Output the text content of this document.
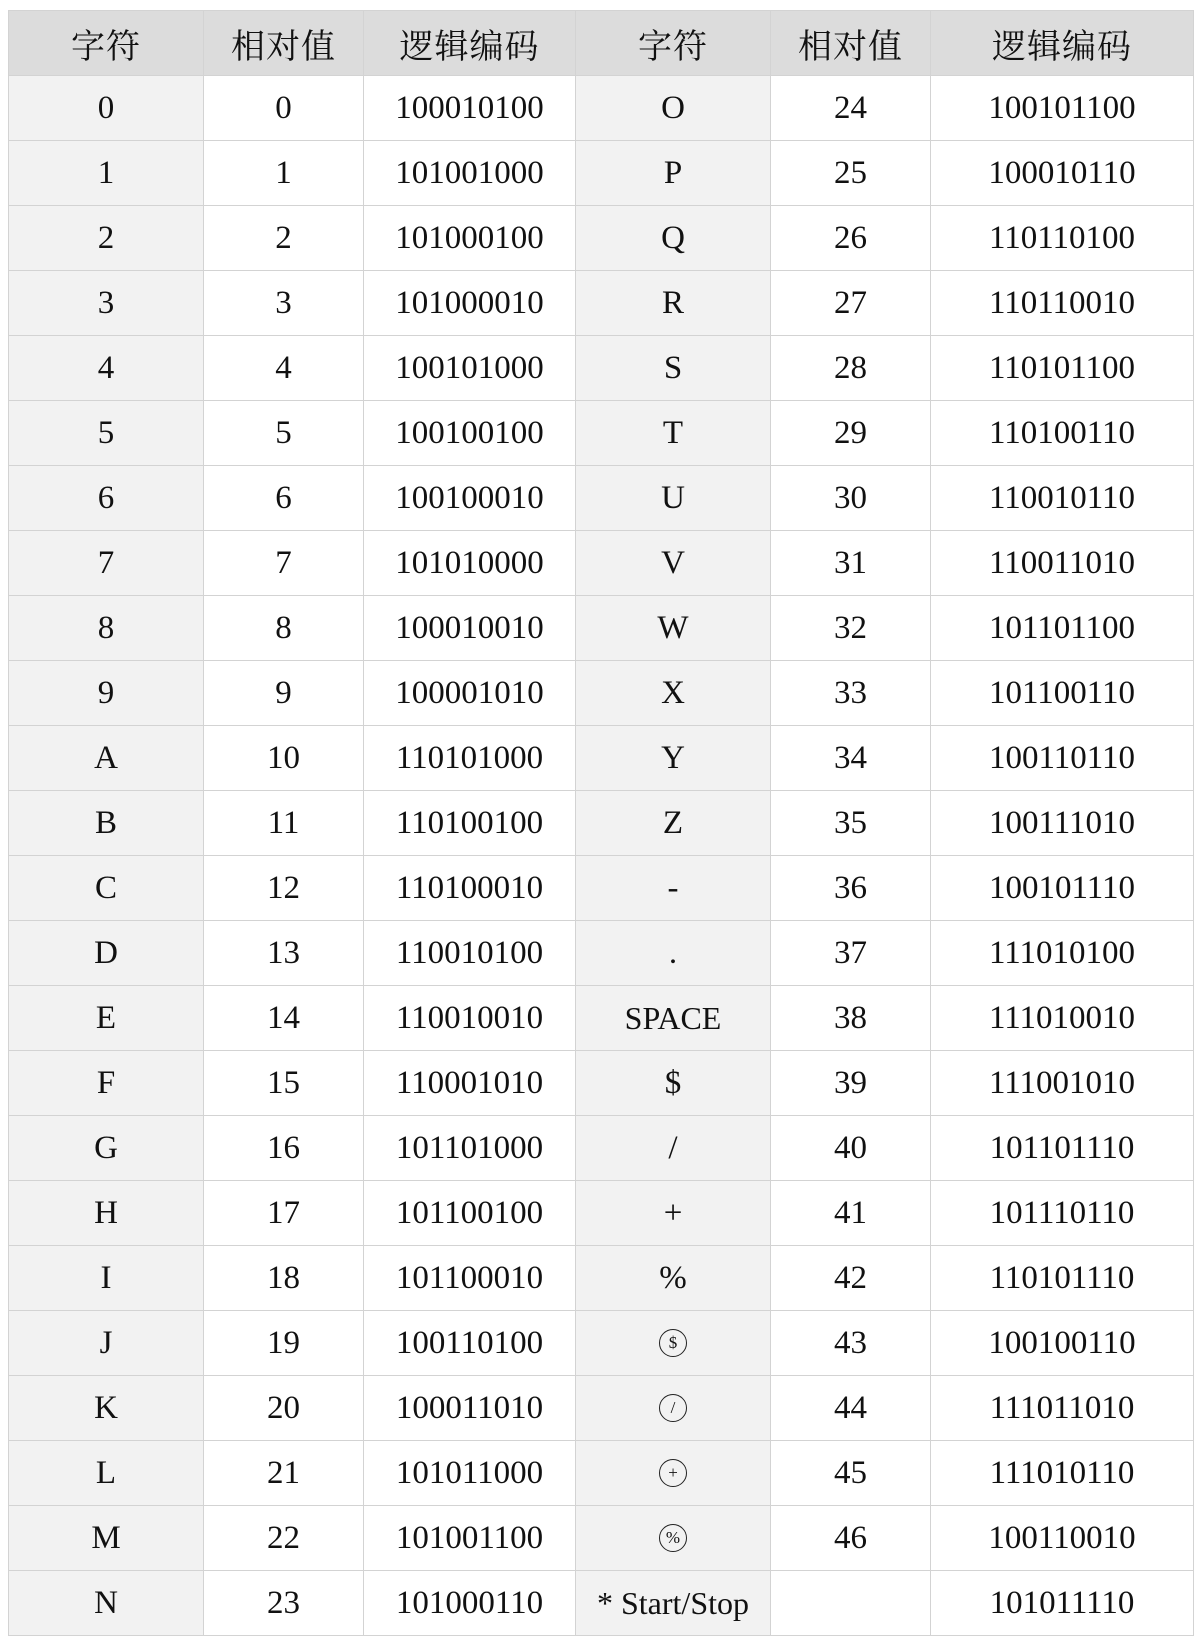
字符	相对值	逻辑编码	字符	相对值	逻辑编码
0	0	100010100	O	24	100101100
1	1	101001000	P	25	100010110
2	2	101000100	Q	26	110110100
3	3	101000010	R	27	110110010
4	4	100101000	S	28	110101100
5	5	100100100	T	29	110100110
6	6	100100010	U	30	110010110
7	7	101010000	V	31	110011010
8	8	100010010	W	32	101101100
9	9	100001010	X	33	101100110
A	10	110101000	Y	34	100110110
B	11	110100100	Z	35	100111010
C	12	110100010	-	36	100101110
D	13	110010100	.	37	111010100
E	14	110010010	SPACE	38	111010010
F	15	110001010	$	39	111001010
G	16	101101000	/	40	101101110
H	17	101100100	+	41	101110110
I	18	101100010	%	42	110101110
J	19	100110100	$	43	100100110
K	20	100011010	/	44	111011010
L	21	101011000	+	45	111010110
M	22	101001100	%	46	100110010
N	23	101000110	* Start/Stop		101011110
